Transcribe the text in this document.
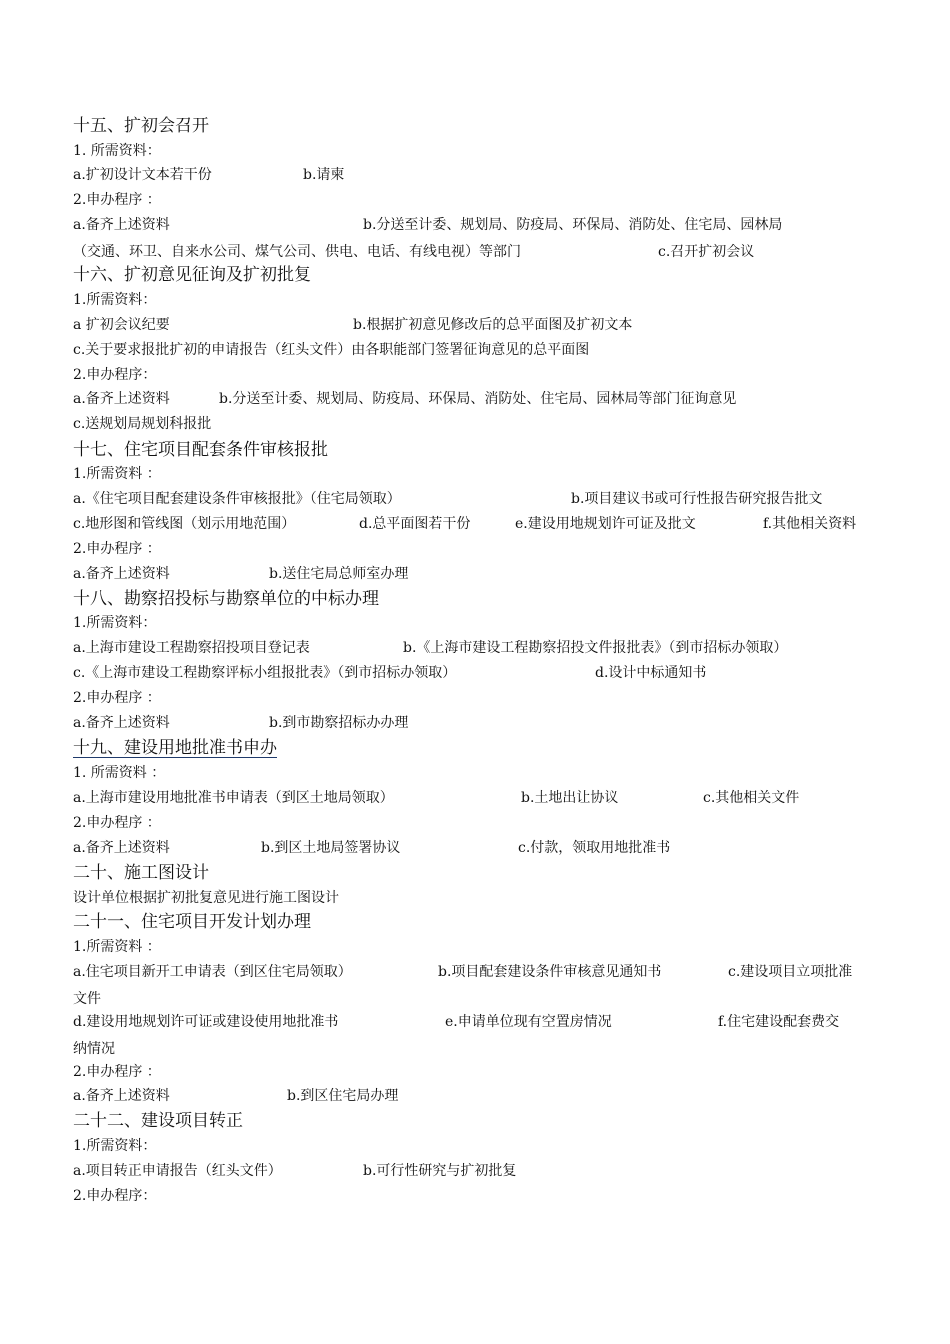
十五、扩初会召开
1. 所需资料：
a.扩初设计文本若干份	b.请柬
2.申办程序 ：
a.备齐上述资料	b.分送至计委、规划局、防疫局、环保局、消防处、住宅局、园林局
（交通、环卫、自来水公司、煤气公司、供电、电话、有线电视）等部门	c.召开扩初会议
十六、扩初意见征询及扩初批复
1.所需资料：
a 扩初会议纪要	b.根据扩初意见修改后的总平面图及扩初文本
c.关于要求报批扩初的申请报告（红头文件）由各职能部门签署征询意见的总平面图
2.申办程序：
a.备齐上述资料	b.分送至计委、规划局、防疫局、环保局、消防处、住宅局、园林局等部门征询意见
c.送规划局规划科报批
十七、住宅项目配套条件审核报批
1.所需资料 ：
a.《住宅项目配套建设条件审核报批》（住宅局领取）	b.项目建议书或可行性报告研究报告批文
c.地形图和管线图（划示用地范围）	d.总平面图若干份	e.建设用地规划许可证及批文	f.其他相关资料
2.申办程序 ：
a.备齐上述资料	b.送住宅局总师室办理
十八、勘察招投标与勘察单位的中标办理
1.所需资料：
a.上海市建设工程勘察招投项目登记表	b.《上海市建设工程勘察招投文件报批表》（到市招标办领取）
c.《上海市建设工程勘察评标小组报批表》（到市招标办领取）	d.设计中标通知书
2.申办程序 ：
a.备齐上述资料	b.到市勘察招标办办理
十九、建设用地批准书申办
1. 所需资料 ：
a.上海市建设用地批准书申请表（到区土地局领取）	b.土地出让协议	c.其他相关文件
2.申办程序 ：
a.备齐上述资料	b.到区土地局签署协议	c.付款，领取用地批准书
二十、施工图设计
设计单位根据扩初批复意见进行施工图设计
二十一、住宅项目开发计划办理
1.所需资料 ：
a.住宅项目新开工申请表（到区住宅局领取）	b.项目配套建设条件审核意见通知书	c.建设项目立项批准
文件
d.建设用地规划许可证或建设使用地批准书	e.申请单位现有空置房情况	f.住宅建设配套费交
纳情况
2.申办程序 ：
a.备齐上述资料	b.到区住宅局办理
二十二、建设项目转正
1.所需资料：
a.项目转正申请报告（红头文件）	b.可行性研究与扩初批复
2.申办程序：
